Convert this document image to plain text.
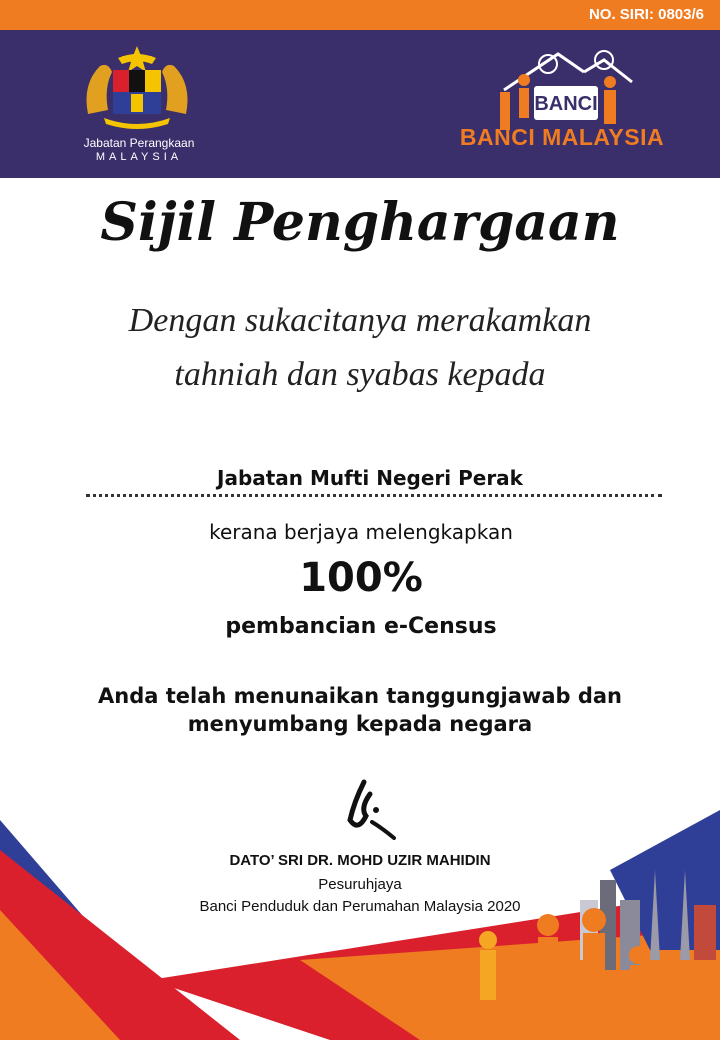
NO. SIRI: 0803/6
Jabatan Perangkaan
MALAYSIA
BANCI
BANCI MALAYSIA
Sijil Penghargaan
Dengan sukacitanya merakamkan
tahniah dan syabas kepada
Jabatan Mufti Negeri Perak
kerana berjaya melengkapkan
100%
pembancian e-Census
Anda telah menunaikan tanggungjawab dan
menyumbang kepada negara
DATO’ SRI DR. MOHD UZIR MAHIDIN
Pesuruhjaya
Banci Penduduk dan Perumahan Malaysia 2020
